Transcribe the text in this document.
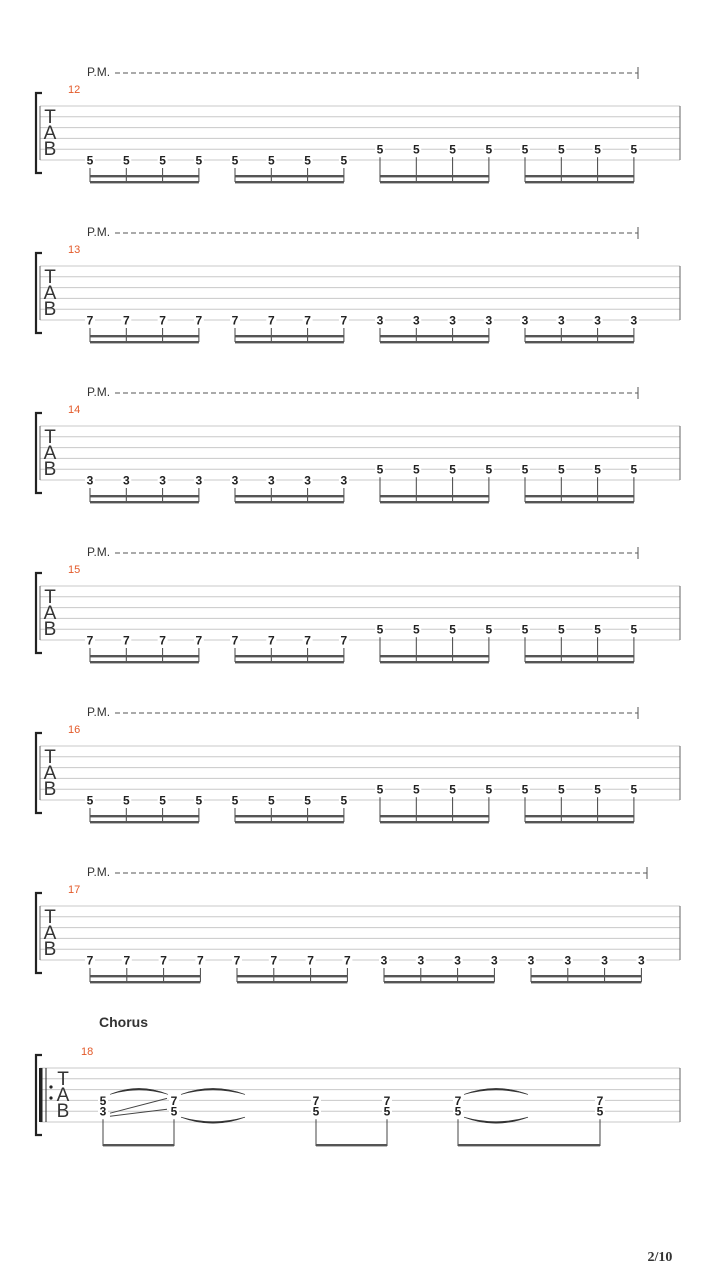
P.M.
T
A
B
12
5 5 5 5 5 5 5 5
5 5 5 5 5 5 5 5
P.M.
T
A
B
13
7 7 7 7 7 7 7 7 3 3 3 3 3 3 3 3
P.M.
T
A
B
14
3 3 3 3 3 3 3 3
5 5 5 5 5 5 5 5
P.M.
T
A
B
15
7 7 7 7 7 7 7 7
5 5 5 5 5 5 5 5
P.M.
T
A
B
16
5 5 5 5 5 5 5 5
5 5 5 5 5 5 5 5
P.M.
T
A
B
17
7	7	7	7 7	7	7	7 3	3	3	3 3	3	3	3
Chorus
T
A
B
18
5
3
7
5
7
5
7
5
7
5
7
5
2/10
